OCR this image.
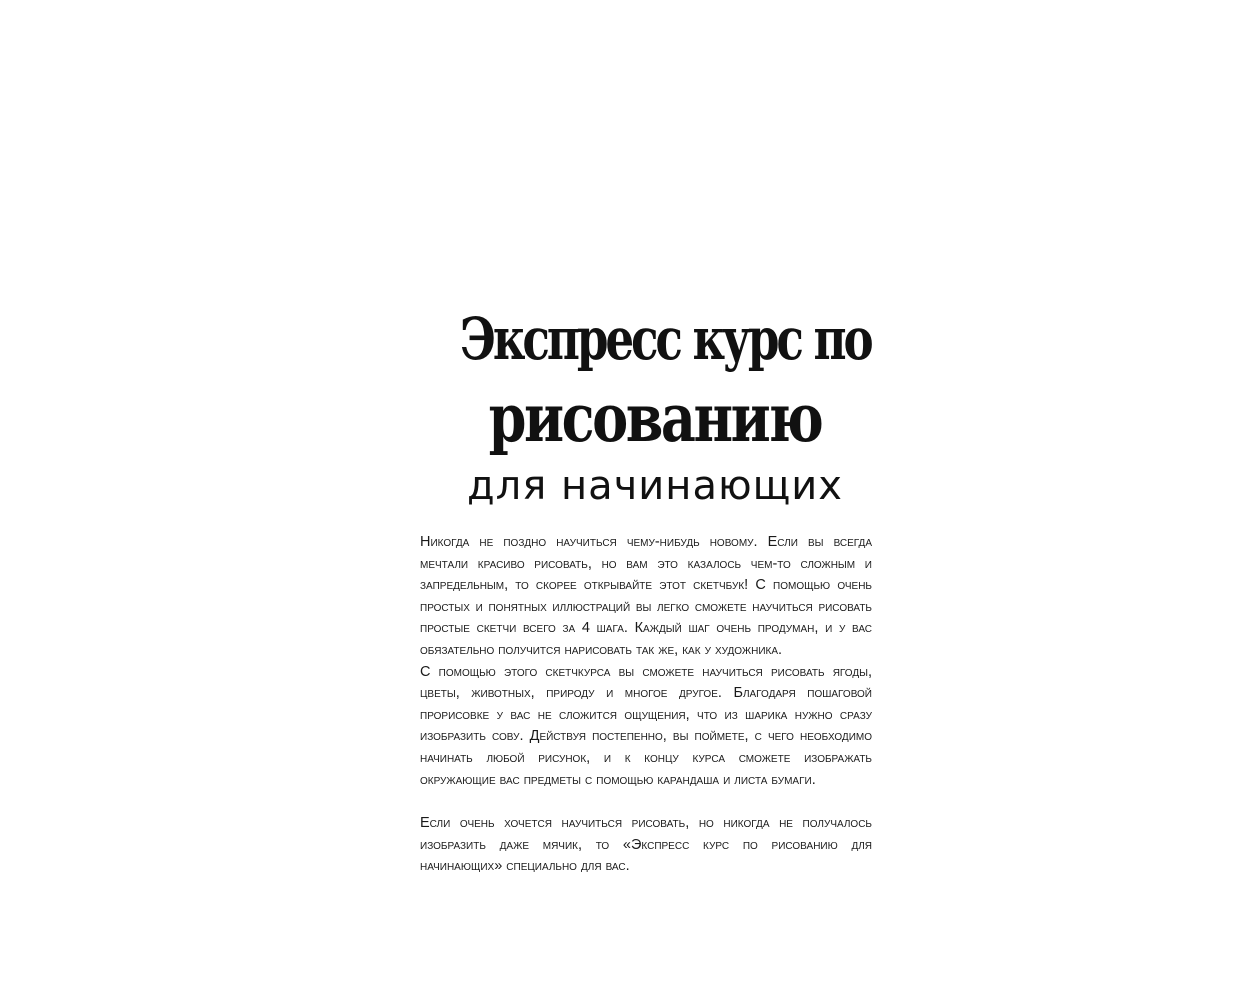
Экспресс курс по
рисованию
для начинающих

Никогда не поздно научиться чему-нибудь новому. Если вы всегда мечтали красиво рисовать, но вам это казалось чем-то сложным и запредельным, то скорее открывайте этот скетчбук! С помощью очень простых и понятных иллюстраций вы легко сможете научиться рисовать простые скетчи всего за 4 шага. Каждый шаг очень продуман, и у вас обязательно получится нарисовать так же, как у художника.

С помощью этого скетчкурса вы сможете научиться рисовать ягоды, цветы, животных, природу и многое другое. Благодаря пошаговой прорисовке у вас не сложится ощущения, что из шарика нужно сразу изобразить сову. Действуя постепенно, вы поймете, с чего необходимо начинать любой рисунок, и к концу курса сможете изображать окружающие вас предметы с помощью карандаша и листа бумаги.

Если очень хочется научиться рисовать, но никогда не получалось изобразить даже мячик, то «Экспресс курс по рисованию для начинающих» специально для вас.
